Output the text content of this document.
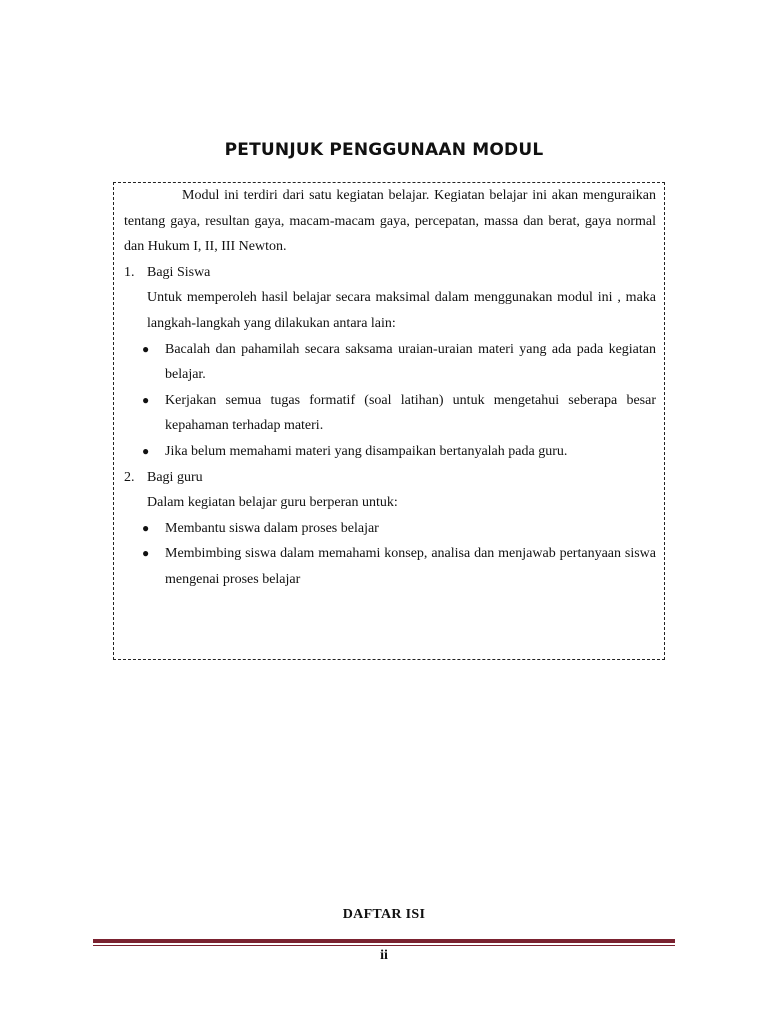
PETUNJUK PENGGUNAAN MODUL

Modul ini terdiri dari satu kegiatan belajar. Kegiatan belajar ini akan menguraikan tentang gaya, resultan gaya, macam-macam gaya, percepatan, massa dan berat, gaya normal dan Hukum I, II, III Newton.

1. Bagi Siswa

Untuk memperoleh hasil belajar secara maksimal dalam menggunakan modul ini , maka langkah-langkah yang dilakukan antara lain:

● Bacalah dan pahamilah secara saksama uraian-uraian materi yang ada pada kegiatan belajar.
● Kerjakan semua tugas formatif (soal latihan) untuk mengetahui seberapa besar kepahaman terhadap materi.
● Jika belum memahami materi yang disampaikan bertanyalah pada guru.
2. Bagi guru

Dalam kegiatan belajar guru berperan untuk:

● Membantu siswa dalam proses belajar
● Membimbing siswa dalam memahami konsep, analisa dan menjawab pertanyaan siswa mengenai proses belajar
DAFTAR ISI
ii
